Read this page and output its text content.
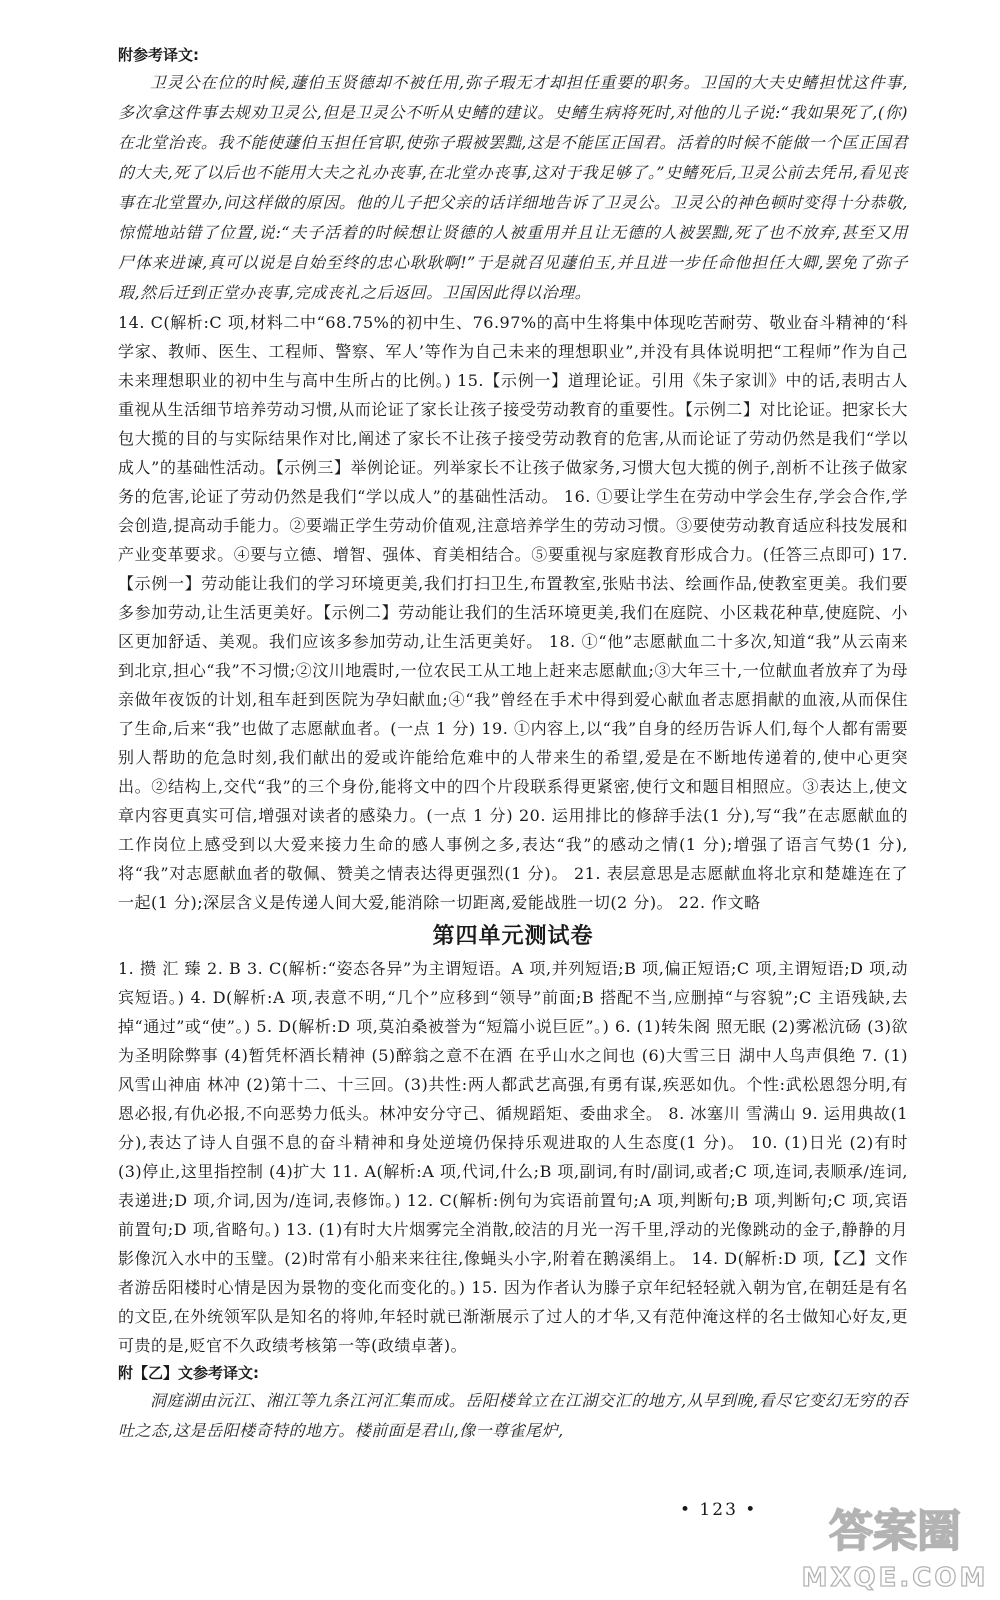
附参考译文:

卫灵公在位的时候,蘧伯玉贤德却不被任用,弥子瑕无才却担任重要的职务。卫国的大夫史鳍担忧这件事,多次拿这件事去规劝卫灵公,但是卫灵公不听从史鳍的建议。史鳍生病将死时,对他的儿子说:“我如果死了,(你)在北堂治丧。我不能使蘧伯玉担任官职,使弥子瑕被罢黜,这是不能匡正国君。活着的时候不能做一个匡正国君的大夫,死了以后也不能用大夫之礼办丧事,在北堂办丧事,这对于我足够了。”史鳍死后,卫灵公前去凭吊,看见丧事在北堂置办,问这样做的原因。他的儿子把父亲的话详细地告诉了卫灵公。卫灵公的神色顿时变得十分恭敬,惊慌地站错了位置,说:“夫子活着的时候想让贤德的人被重用并且让无德的人被罢黜,死了也不放弃,甚至又用尸体来进谏,真可以说是自始至终的忠心耿耿啊!”于是就召见蘧伯玉,并且进一步任命他担任大卿,罢免了弥子瑕,然后迁到正堂办丧事,完成丧礼之后返回。卫国因此得以治理。

14. C(解析:C 项,材料二中“68.75%的初中生、76.97%的高中生将集中体现吃苦耐劳、敬业奋斗精神的‘科学家、教师、医生、工程师、警察、军人’等作为自己未来的理想职业”,并没有具体说明把“工程师”作为自己未来理想职业的初中生与高中生所占的比例。) 15.【示例一】道理论证。引用《朱子家训》中的话,表明古人重视从生活细节培养劳动习惯,从而论证了家长让孩子接受劳动教育的重要性。【示例二】对比论证。把家长大包大揽的目的与实际结果作对比,阐述了家长不让孩子接受劳动教育的危害,从而论证了劳动仍然是我们“学以成人”的基础性活动。【示例三】举例论证。列举家长不让孩子做家务,习惯大包大揽的例子,剖析不让孩子做家务的危害,论证了劳动仍然是我们“学以成人”的基础性活动。 16. ①要让学生在劳动中学会生存,学会合作,学会创造,提高动手能力。②要端正学生劳动价值观,注意培养学生的劳动习惯。③要使劳动教育适应科技发展和产业变革要求。④要与立德、增智、强体、育美相结合。⑤要重视与家庭教育形成合力。(任答三点即可) 17.【示例一】劳动能让我们的学习环境更美,我们打扫卫生,布置教室,张贴书法、绘画作品,使教室更美。我们要多参加劳动,让生活更美好。【示例二】劳动能让我们的生活环境更美,我们在庭院、小区栽花种草,使庭院、小区更加舒适、美观。我们应该多参加劳动,让生活更美好。 18. ①“他”志愿献血二十多次,知道“我”从云南来到北京,担心“我”不习惯;②汶川地震时,一位农民工从工地上赶来志愿献血;③大年三十,一位献血者放弃了为母亲做年夜饭的计划,租车赶到医院为孕妇献血;④“我”曾经在手术中得到爱心献血者志愿捐献的血液,从而保住了生命,后来“我”也做了志愿献血者。(一点 1 分) 19. ①内容上,以“我”自身的经历告诉人们,每个人都有需要别人帮助的危急时刻,我们献出的爱或许能给危难中的人带来生的希望,爱是在不断地传递着的,使中心更突出。②结构上,交代“我”的三个身份,能将文中的四个片段联系得更紧密,使行文和题目相照应。③表达上,使文章内容更真实可信,增强对读者的感染力。(一点 1 分) 20. 运用排比的修辞手法(1 分),写“我”在志愿献血的工作岗位上感受到以大爱来接力生命的感人事例之多,表达“我”的感动之情(1 分);增强了语言气势(1 分),将“我”对志愿献血者的敬佩、赞美之情表达得更强烈(1 分)。 21. 表层意思是志愿献血将北京和楚雄连在了一起(1 分);深层含义是传递人间大爱,能消除一切距离,爱能战胜一切(2 分)。 22. 作文略

第四单元测试卷

1. 攒 汇 臻 2. B 3. C(解析:“姿态各异”为主谓短语。A 项,并列短语;B 项,偏正短语;C 项,主谓短语;D 项,动宾短语。) 4. D(解析:A 项,表意不明,“几个”应移到“领导”前面;B 搭配不当,应删掉“与容貌”;C 主语残缺,去掉“通过”或“使”。) 5. D(解析:D 项,莫泊桑被誉为“短篇小说巨匠”。) 6. (1)转朱阁 照无眠 (2)雾凇沆砀 (3)欲为圣明除弊事 (4)暂凭杯酒长精神 (5)醉翁之意不在酒 在乎山水之间也 (6)大雪三日 湖中人鸟声俱绝 7. (1)风雪山神庙 林冲 (2)第十二、十三回。(3)共性:两人都武艺高强,有勇有谋,疾恶如仇。个性:武松恩怨分明,有恩必报,有仇必报,不向恶势力低头。林冲安分守己、循规蹈矩、委曲求全。 8. 冰塞川 雪满山 9. 运用典故(1 分),表达了诗人自强不息的奋斗精神和身处逆境仍保持乐观进取的人生态度(1 分)。 10. (1)日光 (2)有时 (3)停止,这里指控制 (4)扩大 11. A(解析:A 项,代词,什么;B 项,副词,有时/副词,或者;C 项,连词,表顺承/连词,表递进;D 项,介词,因为/连词,表修饰。) 12. C(解析:例句为宾语前置句;A 项,判断句;B 项,判断句;C 项,宾语前置句;D 项,省略句。) 13. (1)有时大片烟雾完全消散,皎洁的月光一泻千里,浮动的光像跳动的金子,静静的月影像沉入水中的玉璧。(2)时常有小船来来往往,像蝇头小字,附着在鹅溪绢上。 14. D(解析:D 项,【乙】文作者游岳阳楼时心情是因为景物的变化而变化的。) 15. 因为作者认为滕子京年纪轻轻就入朝为官,在朝廷是有名的文臣,在外统领军队是知名的将帅,年轻时就已渐渐展示了过人的才华,又有范仲淹这样的名士做知心好友,更可贵的是,贬官不久政绩考核第一等(政绩卓著)。

附【乙】文参考译文:

洞庭湖由沅江、湘江等九条江河汇集而成。岳阳楼耸立在江湖交汇的地方,从早到晚,看尽它变幻无穷的吞吐之态,这是岳阳楼奇特的地方。楼前面是君山,像一尊雀尾炉,

• 123 • 答案圈
MXQE.COM
